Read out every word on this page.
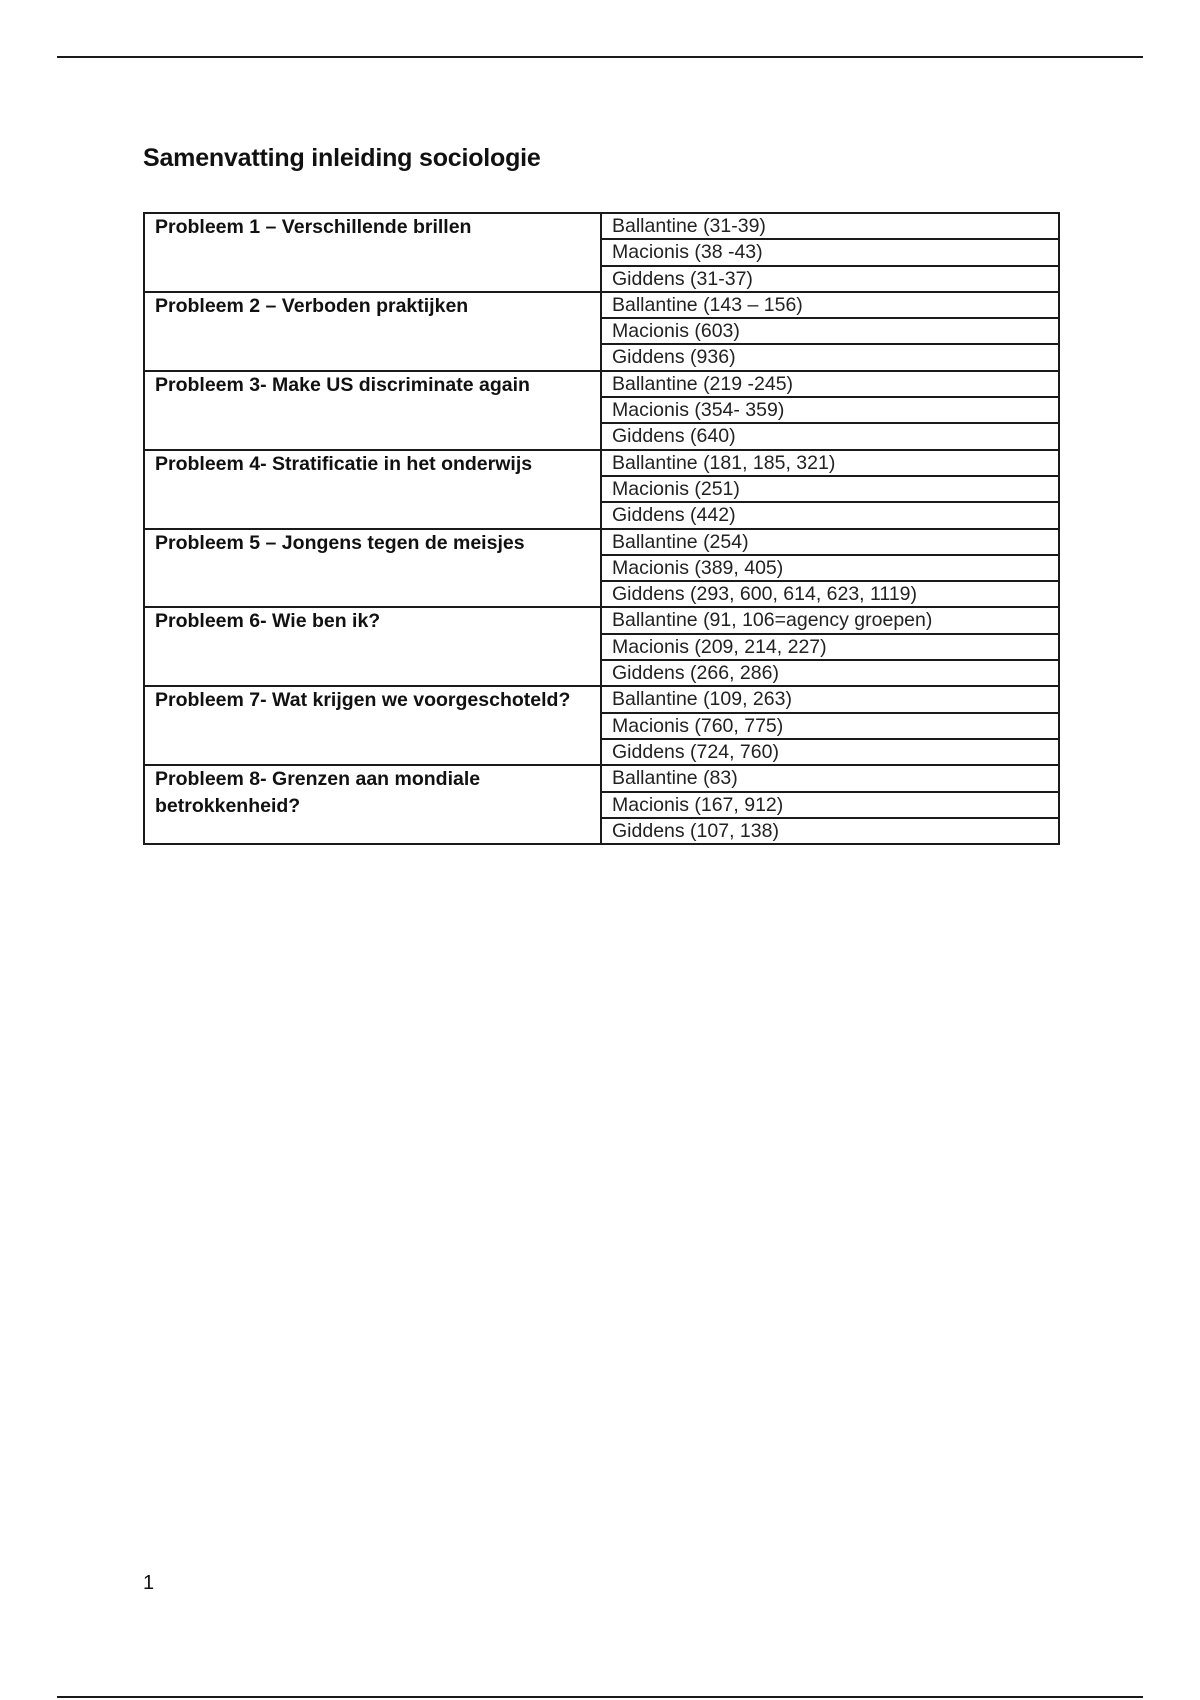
Samenvatting inleiding sociologie
Probleem 1 – Verschillende brillen	Ballantine (31-39)
	Macionis (38 -43)
	Giddens (31-37)
Probleem 2 – Verboden praktijken	Ballantine (143 – 156)
	Macionis (603)
	Giddens (936)
Probleem 3- Make US discriminate again	Ballantine (219 -245)
	Macionis (354- 359)
	Giddens (640)
Probleem 4- Stratificatie in het onderwijs	Ballantine (181, 185, 321)
	Macionis (251)
	Giddens (442)
Probleem 5 – Jongens tegen de meisjes	Ballantine (254)
	Macionis (389, 405)
	Giddens (293, 600, 614, 623, 1119)
Probleem 6- Wie ben ik?	Ballantine (91, 106=agency groepen)
	Macionis (209, 214, 227)
	Giddens (266, 286)
Probleem 7- Wat krijgen we voorgeschoteld?	Ballantine (109, 263)
	Macionis (760, 775)
	Giddens (724, 760)
Probleem 8- Grenzen aan mondiale betrokkenheid?	Ballantine (83)
	Macionis (167, 912)
	Giddens (107, 138)
1
